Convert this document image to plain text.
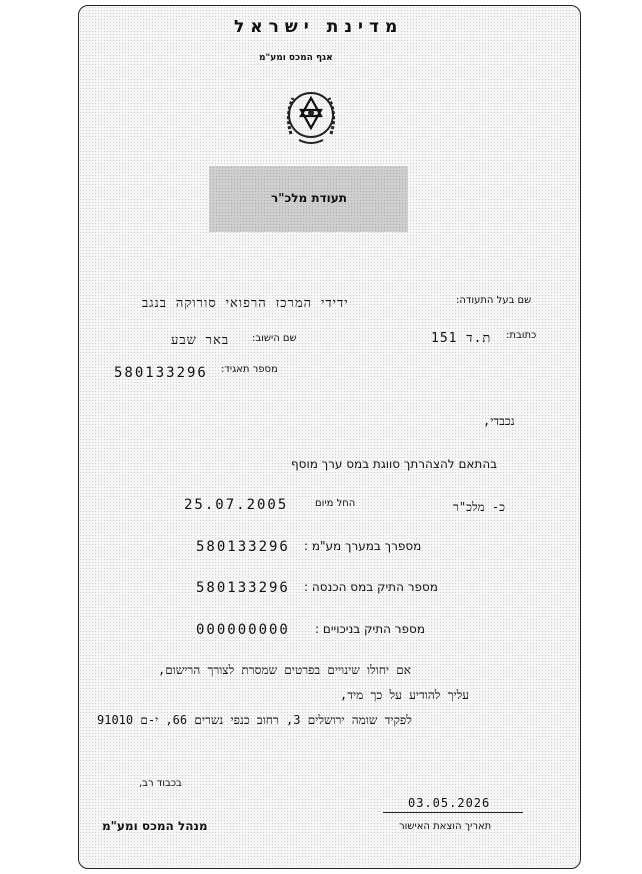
מדינת ישראל
אגף המכס ומע"מ
תעודת מלכ"ר
שם בעל התעודה:
ידידי המרכז הרפואי סורוקה בנגב
כתובת:
ת.ד 151
שם הישוב:
באר שבע
מספר תאגיד:
580133296
נכבדי,
בהתאם להצהרתך סווגת במס ערך מוסף
כ- מלכ"ר
החל מיום
25.07.2005
מספרך במערך מע"מ :
580133296
מספר התיק במס הכנסה :
580133296
מספר התיק בניכויים :
000000000
אם יחולו שינויים בפרטים שמסרת לצורך הרישום,
עליך להודיע על כך מיד,
לפקיד שומה ירושלים 3, רחוב כנפי נשרים 66, י-ם 91010
בכבוד רב,
03.05.2026
תאריך הוצאת האישור
מנהל המכס ומע"מ
